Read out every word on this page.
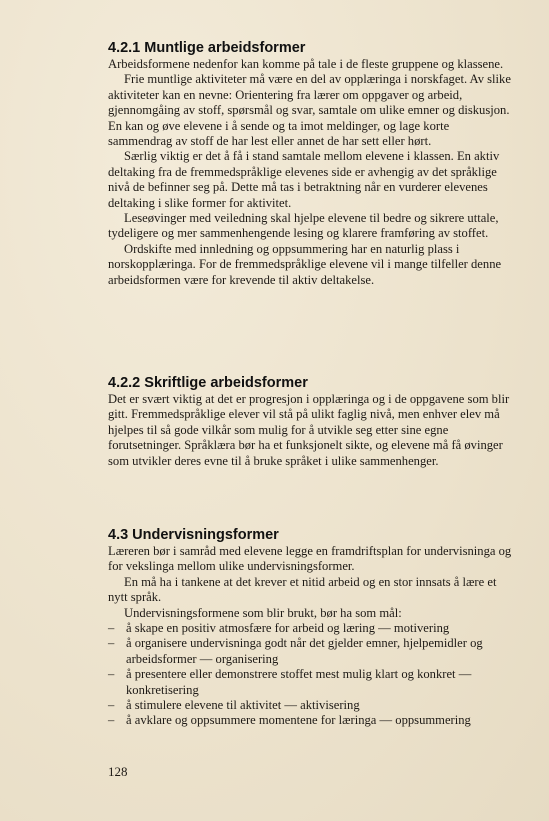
4.2.1 Muntlige arbeidsformer

Arbeidsformene nedenfor kan komme på tale i de fleste gruppene og klassene.

Frie muntlige aktiviteter må være en del av opplæringa i norskfaget. Av slike aktiviteter kan en nevne: Orientering fra lærer om oppgaver og arbeid, gjennomgåing av stoff, spørsmål og svar, samtale om ulike emner og diskusjon. En kan og øve elevene i å sende og ta imot meldinger, og lage korte sammendrag av stoff de har lest eller annet de har sett eller hørt.

Særlig viktig er det å få i stand samtale mellom elevene i klassen. En aktiv deltaking fra de fremmedspråklige elevenes side er avhengig av det språklige nivå de befinner seg på. Dette må tas i betraktning når en vurderer elevenes deltaking i slike former for aktivitet.

Leseøvinger med veiledning skal hjelpe elevene til bedre og sikrere uttale, tydeligere og mer sammenhengende lesing og klarere framføring av stoffet.

Ordskifte med innledning og oppsummering har en naturlig plass i norskopplæringa. For de fremmedspråklige elevene vil i mange tilfeller denne arbeidsformen være for krevende til aktiv deltakelse.

4.2.2 Skriftlige arbeidsformer

Det er svært viktig at det er progresjon i opplæringa og i de oppgavene som blir gitt. Fremmedspråklige elever vil stå på ulikt faglig nivå, men enhver elev må hjelpes til så gode vilkår som mulig for å utvikle seg etter sine egne forutsetninger. Språklæra bør ha et funksjonelt sikte, og elevene må få øvinger som utvikler deres evne til å bruke språket i ulike sammenhenger.

4.3 Undervisningsformer

Læreren bør i samråd med elevene legge en framdriftsplan for undervisninga og for vekslinga mellom ulike undervisningsformer.

En må ha i tankene at det krever et nitid arbeid og en stor innsats å lære et nytt språk.

Undervisningsformene som blir brukt, bør ha som mål:

– å skape en positiv atmosfære for arbeid og læring — motivering
– å organisere undervisninga godt når det gjelder emner, hjelpemidler og arbeidsformer — organisering
– å presentere eller demonstrere stoffet mest mulig klart og konkret — konkretisering
– å stimulere elevene til aktivitet — aktivisering
– å avklare og oppsummere momentene for læringa — oppsummering
128
